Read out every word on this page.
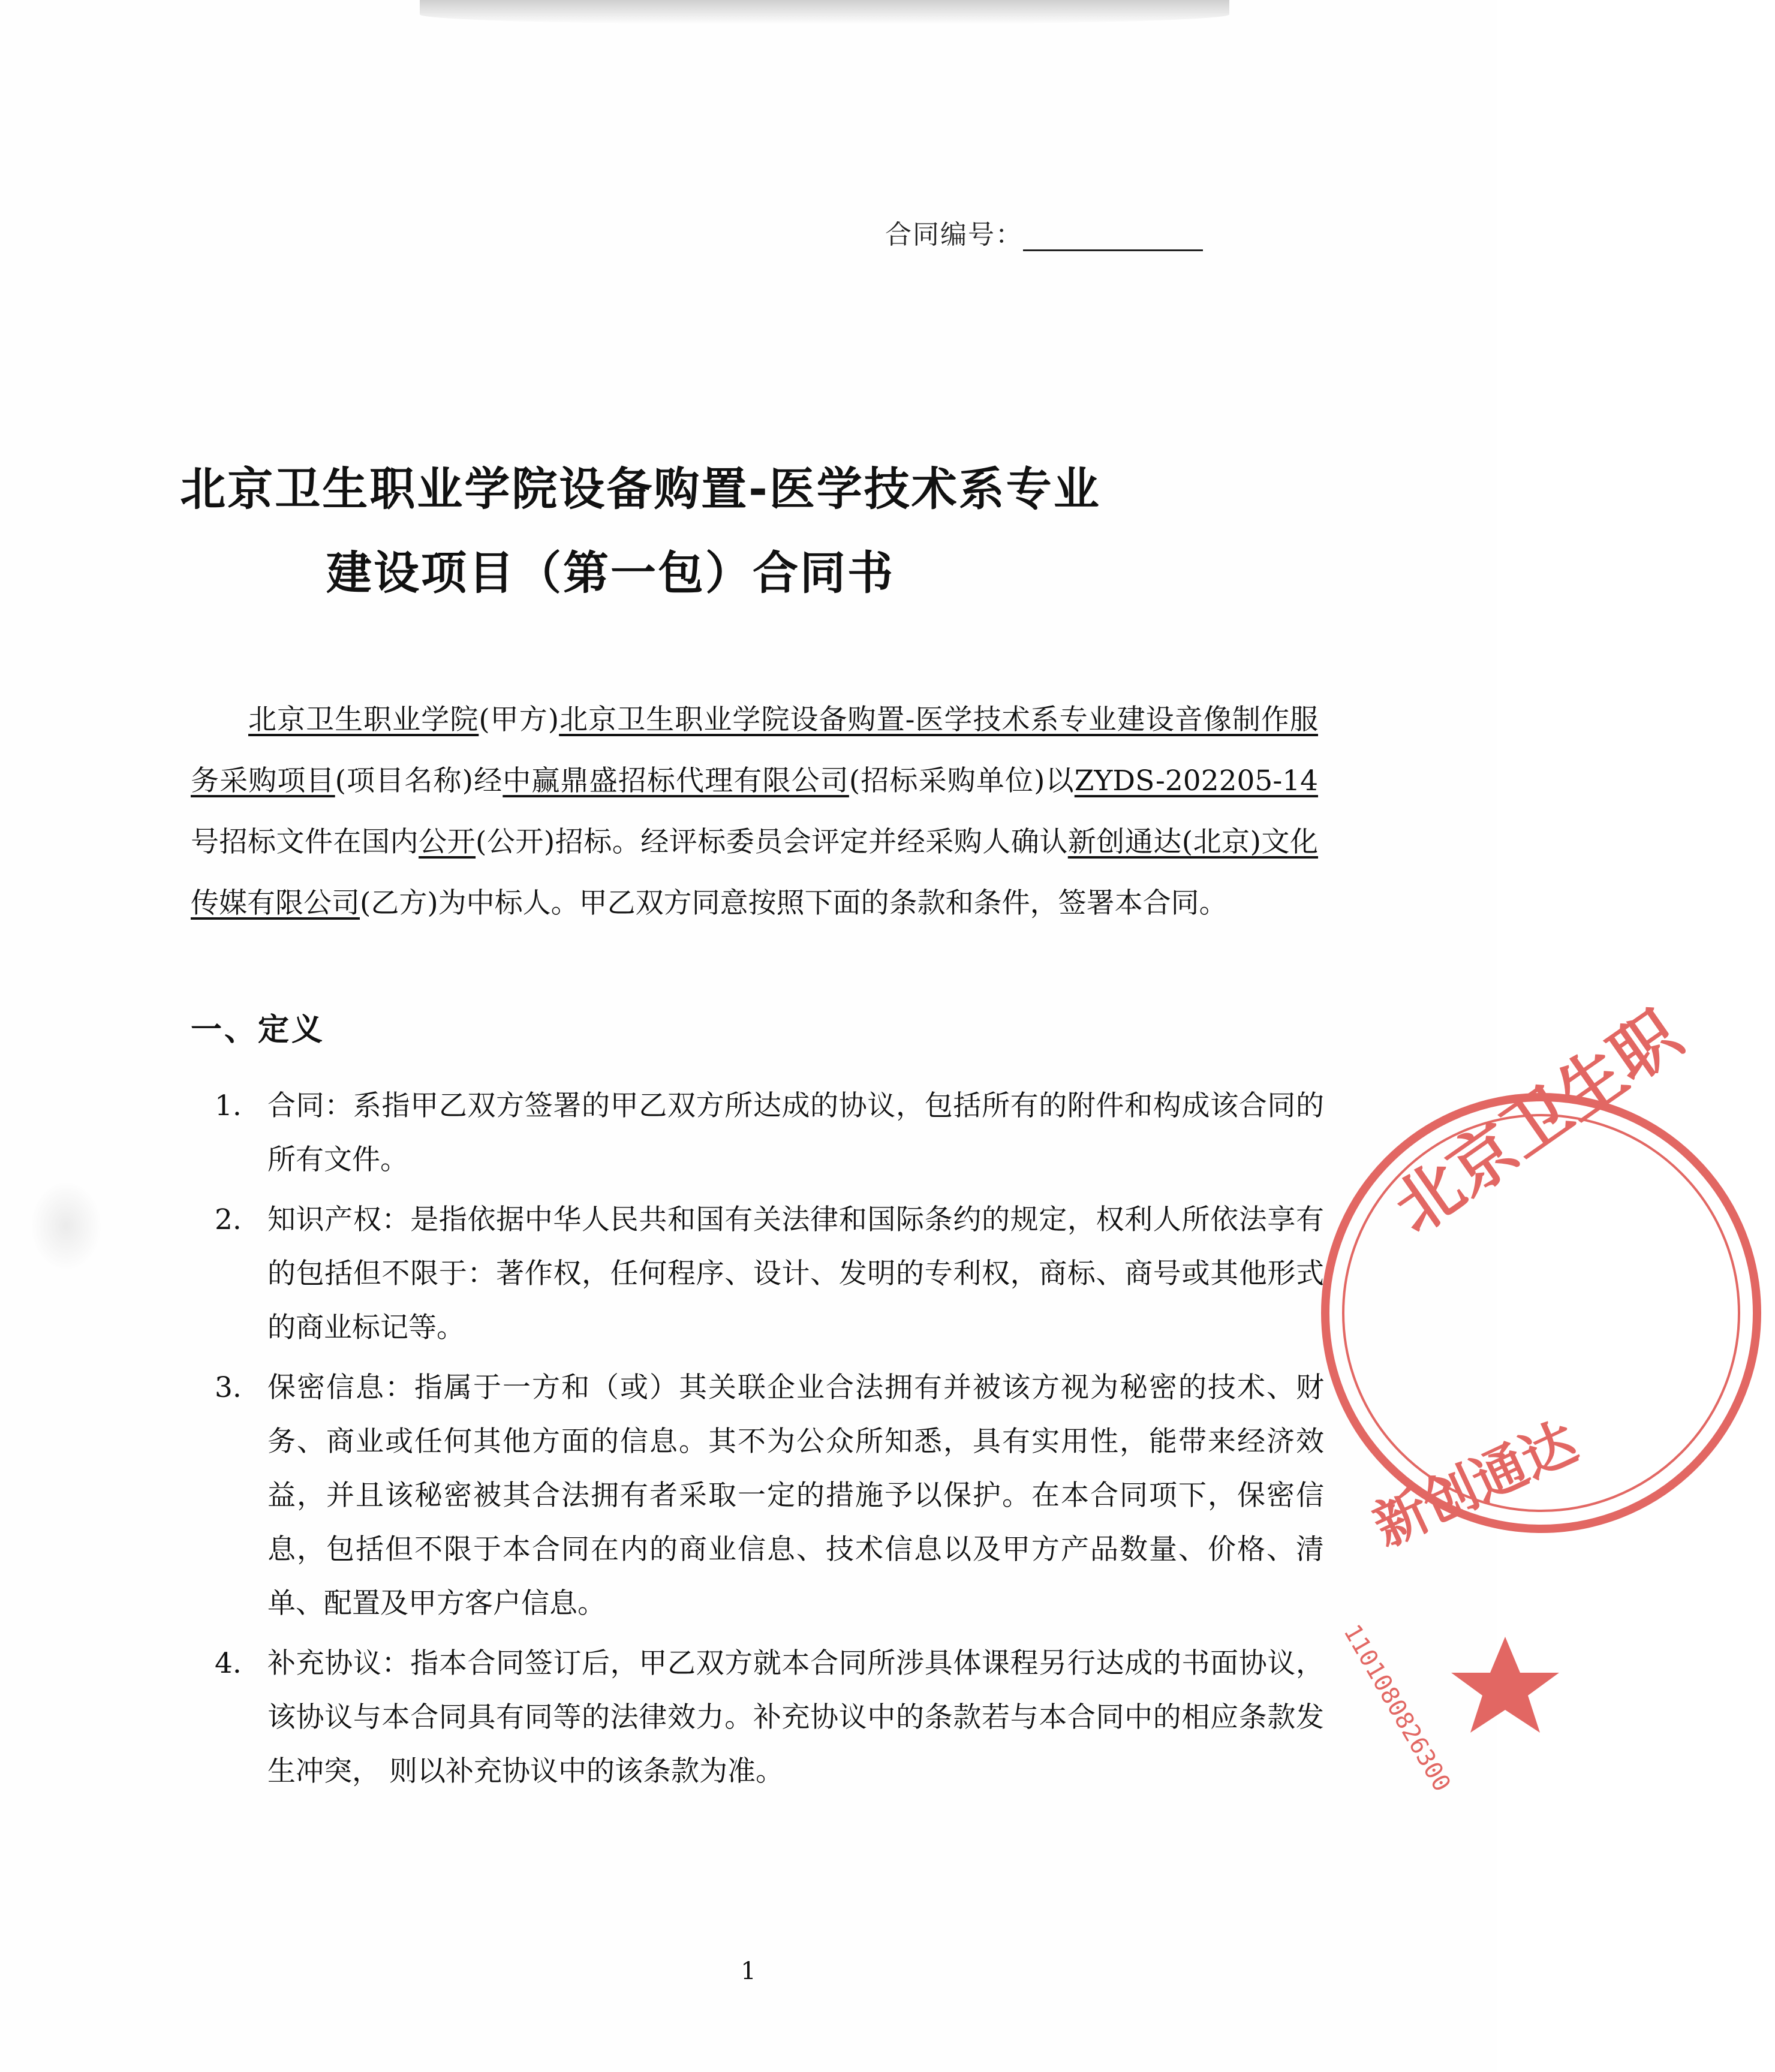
合同编号：
北京卫生职业学院设备购置-医学技术系专业
建设项目（第一包）合同书
北京卫生职业学院(甲方)北京卫生职业学院设备购置-医学技术系专业建设音像制作服务采购项目(项目名称)经中赢鼎盛招标代理有限公司(招标采购单位)以ZYDS-202205-14号招标文件在国内公开(公开)招标。经评标委员会评定并经采购人确认新创通达(北京)文化传媒有限公司(乙方)为中标人。甲乙双方同意按照下面的条款和条件，签署本合同。
一、定义
1. 合同：系指甲乙双方签署的甲乙双方所达成的协议，包括所有的附件和构成该合同的所有文件。
2. 知识产权：是指依据中华人民共和国有关法律和国际条约的规定，权利人所依法享有的包括但不限于：著作权，任何程序、设计、发明的专利权，商标、商号或其他形式的商业标记等。
3. 保密信息：指属于一方和（或）其关联企业合法拥有并被该方视为秘密的技术、财务、商业或任何其他方面的信息。其不为公众所知悉，具有实用性，能带来经济效益，并且该秘密被其合法拥有者采取一定的措施予以保护。在本合同项下，保密信息，包括但不限于本合同在内的商业信息、技术信息以及甲方产品数量、价格、清单、配置及甲方客户信息。
4. 补充协议：指本合同签订后，甲乙双方就本合同所涉具体课程另行达成的书面协议， 该协议与本合同具有同等的法律效力。补充协议中的条款若与本合同中的相应条款发生冲突， 则以补充协议中的该条款为准。
北京卫生职
新创通达
1101080826300
1
